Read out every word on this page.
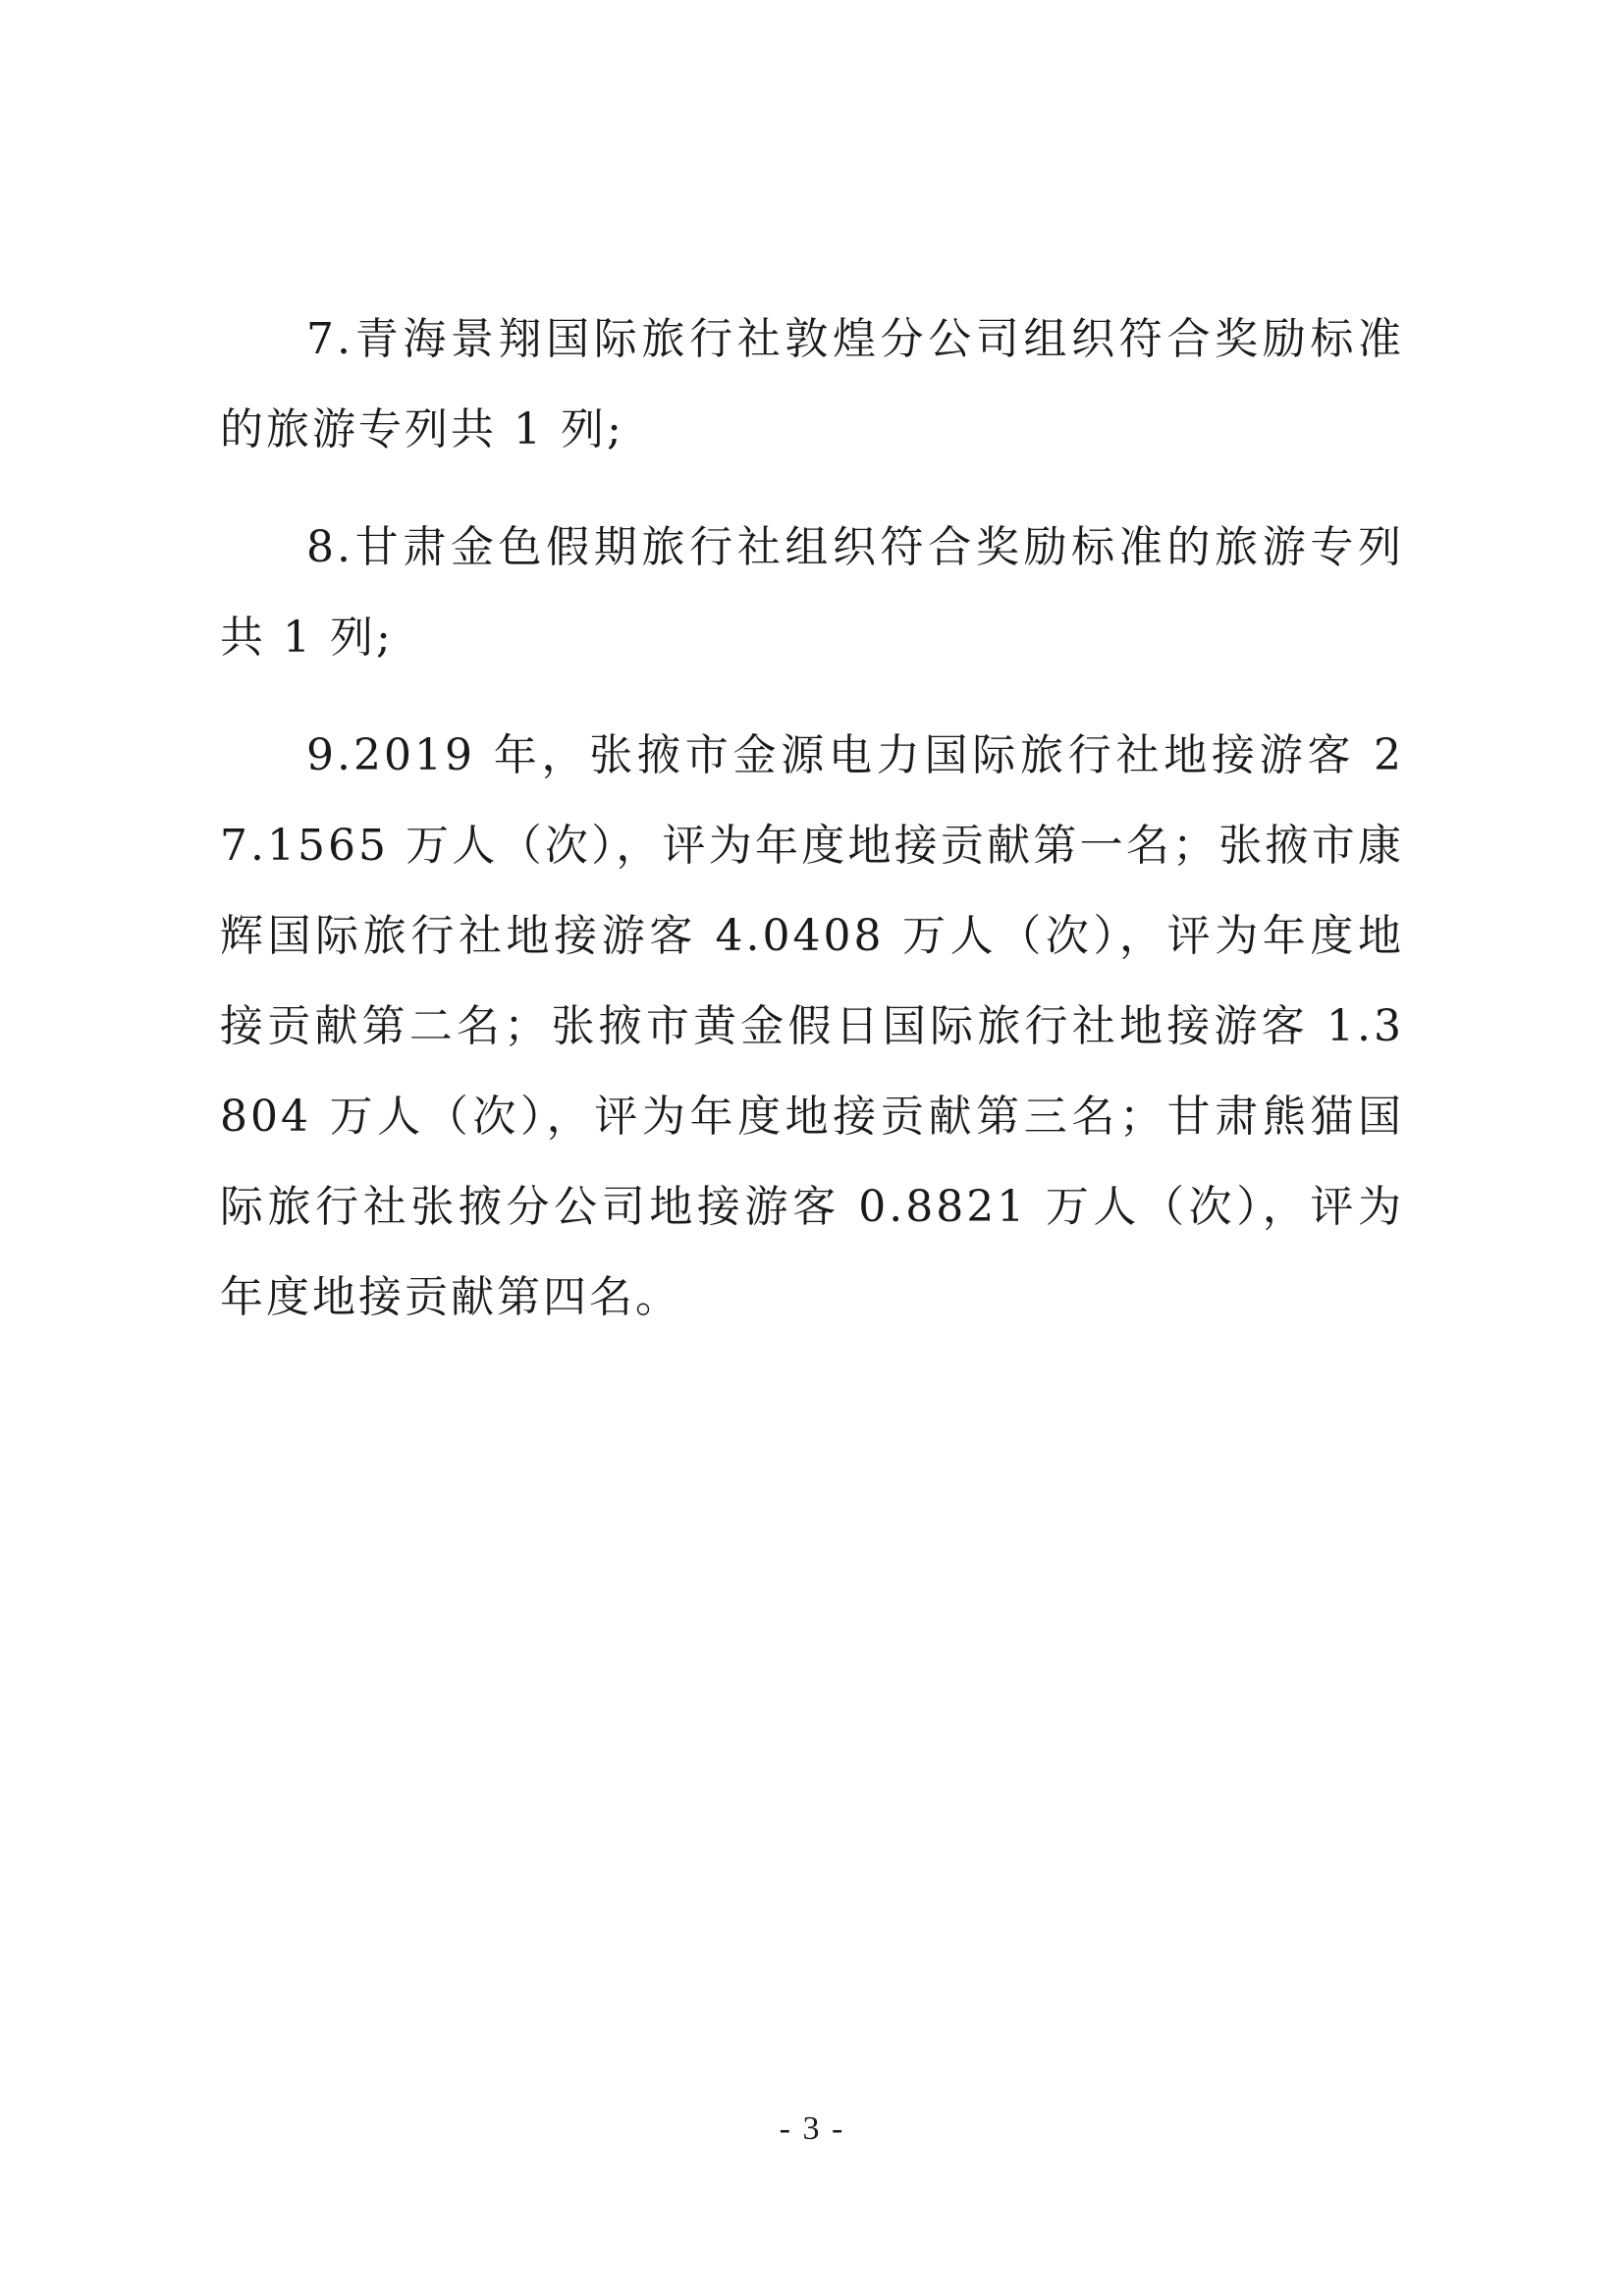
7.青海景翔国际旅行社敦煌分公司组织符合奖励标准的旅游专列共 1 列;

8.甘肃金色假期旅行社组织符合奖励标准的旅游专列共 1 列;

9.2019 年，张掖市金源电力国际旅行社地接游客 27.1565 万人（次），评为年度地接贡献第一名；张掖市康辉国际旅行社地接游客 4.0408 万人（次），评为年度地接贡献第二名；张掖市黄金假日国际旅行社地接游客 1.3804 万人（次），评为年度地接贡献第三名；甘肃熊猫国际旅行社张掖分公司地接游客 0.8821 万人（次），评为年度地接贡献第四名。

- 3 -
